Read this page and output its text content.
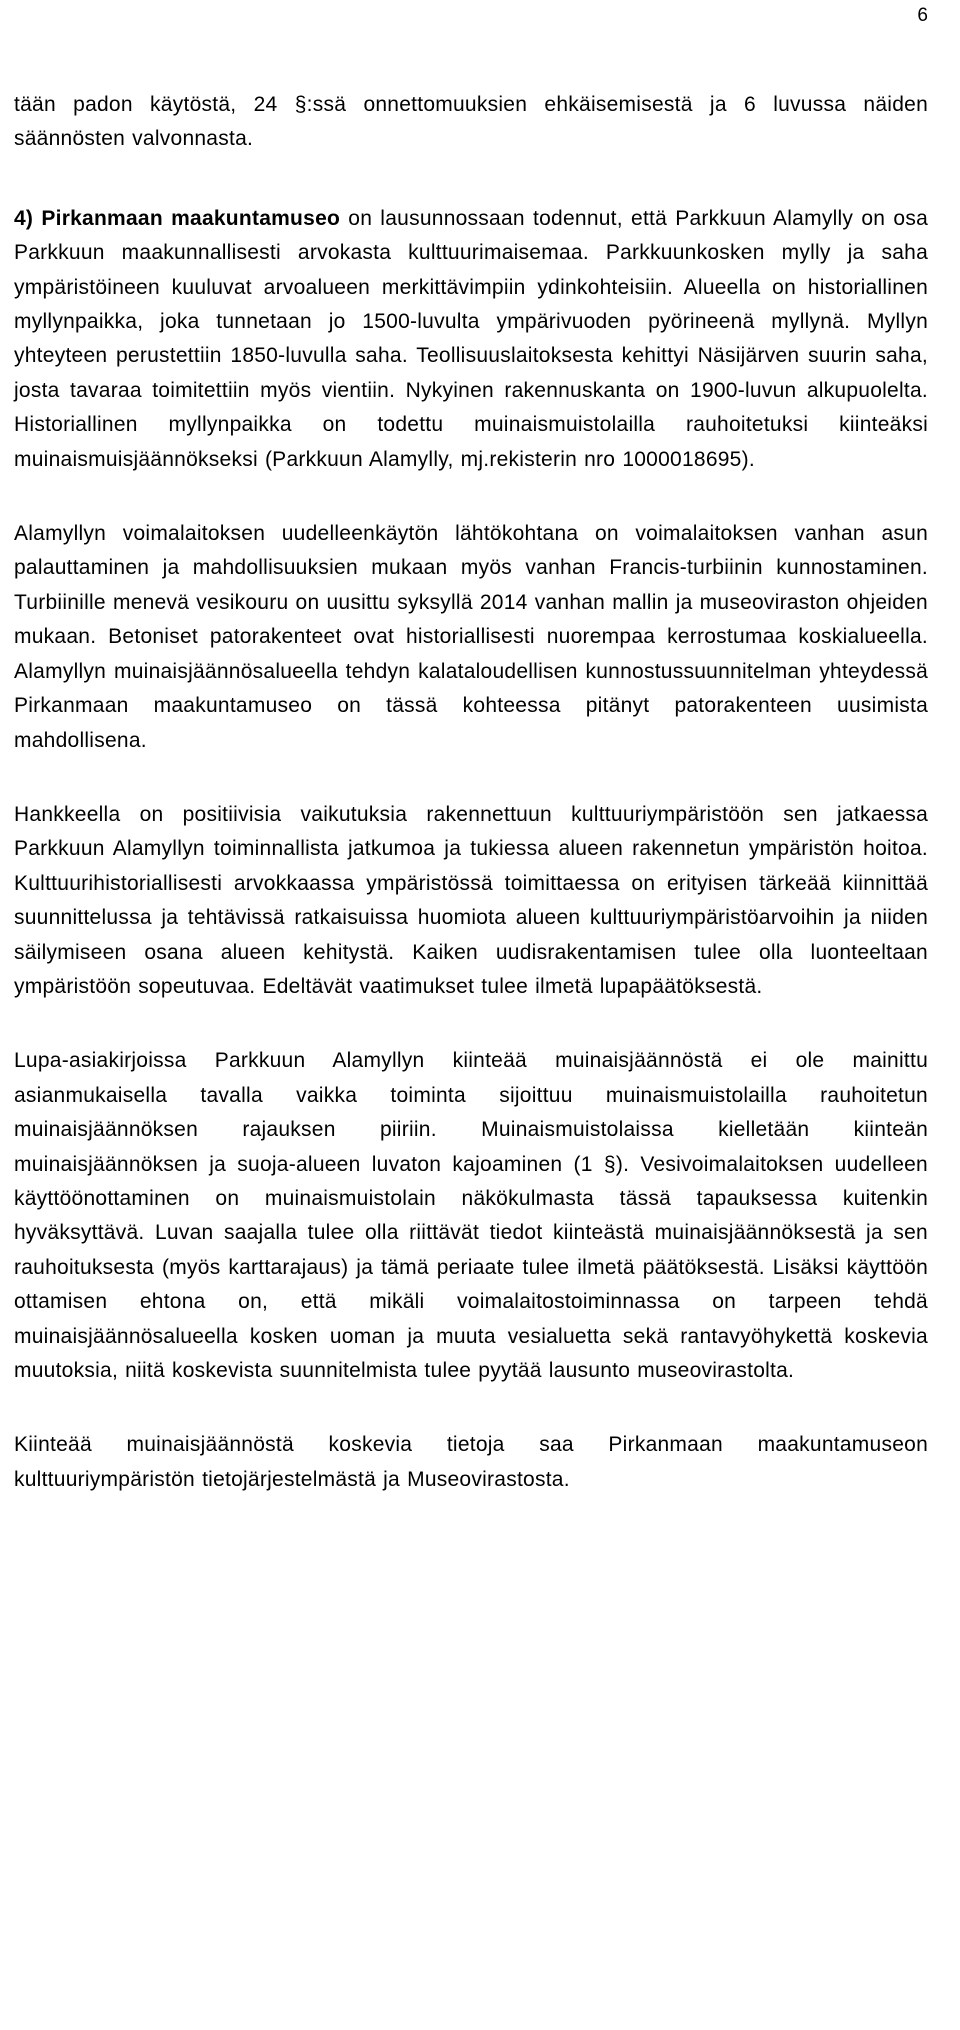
6

tään padon käytöstä, 24 §:ssä onnettomuuksien ehkäisemisestä ja 6 luvussa näiden säännösten valvonnasta.

4) Pirkanmaan maakuntamuseo on lausunnossaan todennut, että Parkkuun Alamylly on osa Parkkuun maakunnallisesti arvokasta kulttuurimaisemaa. Parkkuunkosken mylly ja saha ympäristöineen kuuluvat arvoalueen merkittävimpiin ydinkohteisiin. Alueella on historiallinen myllynpaikka, joka tunnetaan jo 1500-luvulta ympärivuoden pyörineenä myllynä. Myllyn yhteyteen perustettiin 1850-luvulla saha. Teollisuuslaitoksesta kehittyi Näsijärven suurin saha, josta tavaraa toimitettiin myös vientiin. Nykyinen rakennuskanta on 1900-luvun alkupuolelta. Historiallinen myllynpaikka on todettu muinaismuistolailla rauhoitetuksi kiinteäksi muinaismuisjäännökseksi (Parkkuun Alamylly, mj.rekisterin nro 1000018695).

Alamyllyn voimalaitoksen uudelleenkäytön lähtökohtana on voimalaitoksen vanhan asun palauttaminen ja mahdollisuuksien mukaan myös vanhan Francis-turbiinin kunnostaminen. Turbiinille menevä vesikouru on uusittu syksyllä 2014 vanhan mallin ja museoviraston ohjeiden mukaan. Betoniset patorakenteet ovat historiallisesti nuorempaa kerrostumaa koskialueella. Alamyllyn muinaisjäännösalueella tehdyn kalataloudellisen kunnostussuunnitelman yhteydessä Pirkanmaan maakuntamuseo on tässä kohteessa pitänyt patorakenteen uusimista mahdollisena.

Hankkeella on positiivisia vaikutuksia rakennettuun kulttuuriympäristöön sen jatkaessa Parkkuun Alamyllyn toiminnallista jatkumoa ja tukiessa alueen rakennetun ympäristön hoitoa. Kulttuurihistoriallisesti arvokkaassa ympäristössä toimittaessa on erityisen tärkeää kiinnittää suunnittelussa ja tehtävissä ratkaisuissa huomiota alueen kulttuuriympäristöarvoihin ja niiden säilymiseen osana alueen kehitystä. Kaiken uudisrakentamisen tulee olla luonteeltaan ympäristöön sopeutuvaa. Edeltävät vaatimukset tulee ilmetä lupapäätöksestä.

Lupa-asiakirjoissa Parkkuun Alamyllyn kiinteää muinaisjäännöstä ei ole mainittu asianmukaisella tavalla vaikka toiminta sijoittuu muinaismuistolailla rauhoitetun muinaisjäännöksen rajauksen piiriin. Muinaismuistolaissa kielletään kiinteän muinaisjäännöksen ja suoja-alueen luvaton kajoaminen (1 §). Vesivoimalaitoksen uudelleen käyttöönottaminen on muinaismuistolain näkökulmasta tässä tapauksessa kuitenkin hyväksyttävä. Luvan saajalla tulee olla riittävät tiedot kiinteästä muinaisjäännöksestä ja sen rauhoituksesta (myös karttarajaus) ja tämä periaate tulee ilmetä päätöksestä. Lisäksi käyttöön ottamisen ehtona on, että mikäli voimalaitostoiminnassa on tarpeen tehdä muinaisjäännösalueella kosken uoman ja muuta vesialuetta sekä rantavyöhykettä koskevia muutoksia, niitä koskevista suunnitelmista tulee pyytää lausunto museovirastolta.

Kiinteää muinaisjäännöstä koskevia tietoja saa Pirkanmaan maakuntamuseon kulttuuriympäristön tietojärjestelmästä ja Museovirastosta.
